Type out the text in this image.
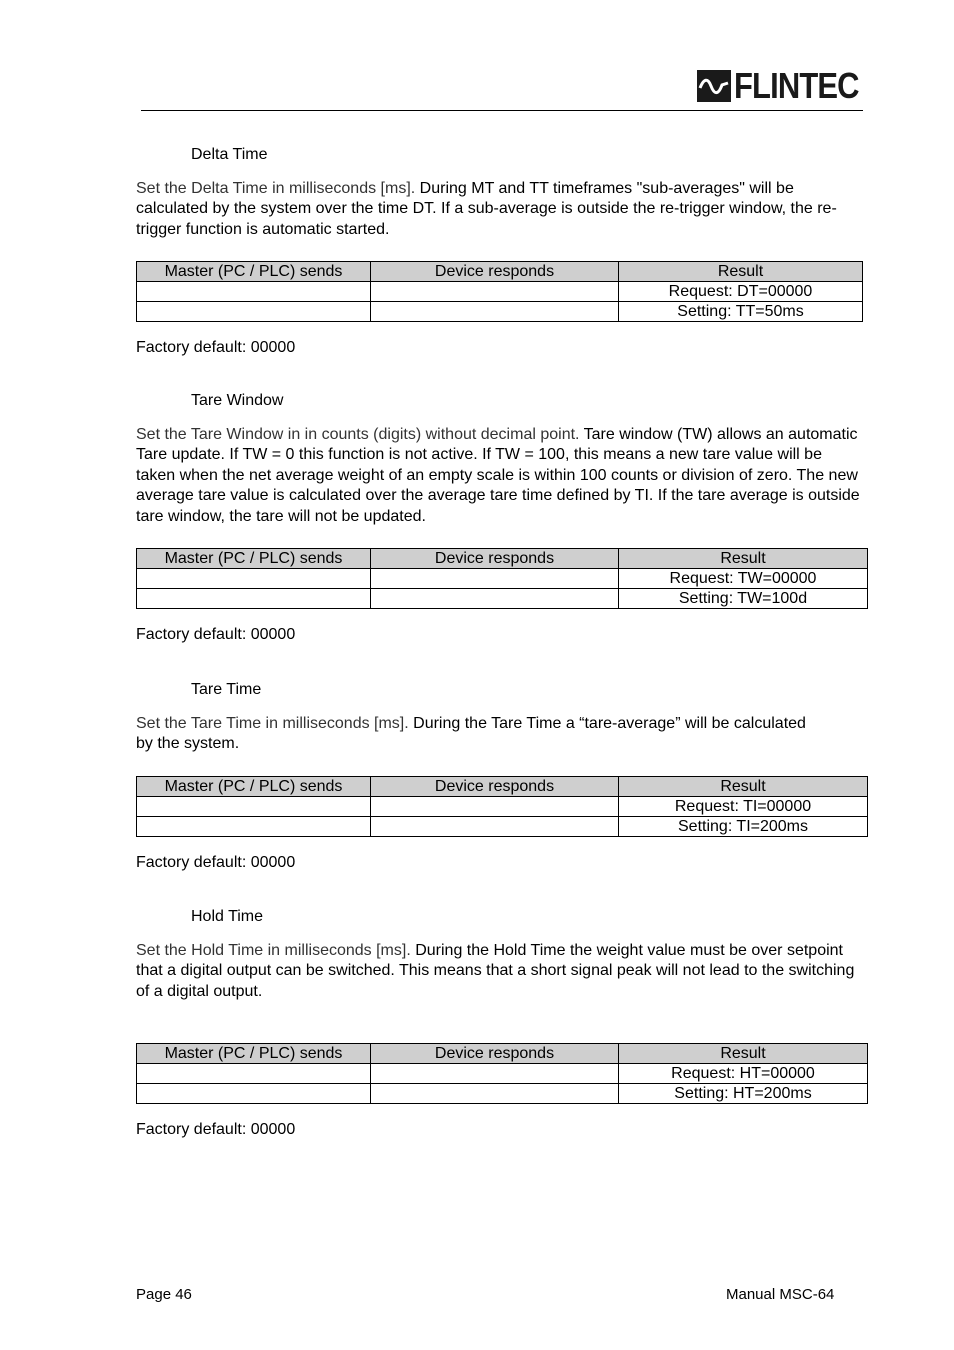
FLINTEC
Delta Time
Set the Delta Time in milliseconds [ms]. During MT and TT timeframes "sub-averages" will be calculated by the system over the time DT. If a sub-average is outside the re-trigger window, the re-trigger function is automatic started.
Master (PC / PLC) sends	Device responds	Result
		Request: DT=00000
		Setting: TT=50ms
Factory default: 00000
Tare Window
Set the Tare Window in in counts (digits) without decimal point. Tare window (TW) allows an automatic Tare update. If TW = 0 this function is not active. If TW = 100, this means a new tare value will be taken when the net average weight of an empty scale is within 100 counts or division of zero. The new average tare value is calculated over the average tare time defined by TI. If the tare average is outside tare window, the tare will not be updated.
Master (PC / PLC) sends	Device responds	Result
		Request: TW=00000
		Setting: TW=100d
Factory default: 00000
Tare Time
Set the Tare Time in milliseconds [ms]. During the Tare Time a “tare-average” will be calculated by the system.
Master (PC / PLC) sends	Device responds	Result
		Request: TI=00000
		Setting: TI=200ms
Factory default: 00000
Hold Time
Set the Hold Time in milliseconds [ms]. During the Hold Time the weight value must be over setpoint that a digital output can be switched. This means that a short signal peak will not lead to the switching of a digital output.
Master (PC / PLC) sends	Device responds	Result
		Request: HT=00000
		Setting: HT=200ms
Factory default: 00000
Page 46	Manual MSC-64
